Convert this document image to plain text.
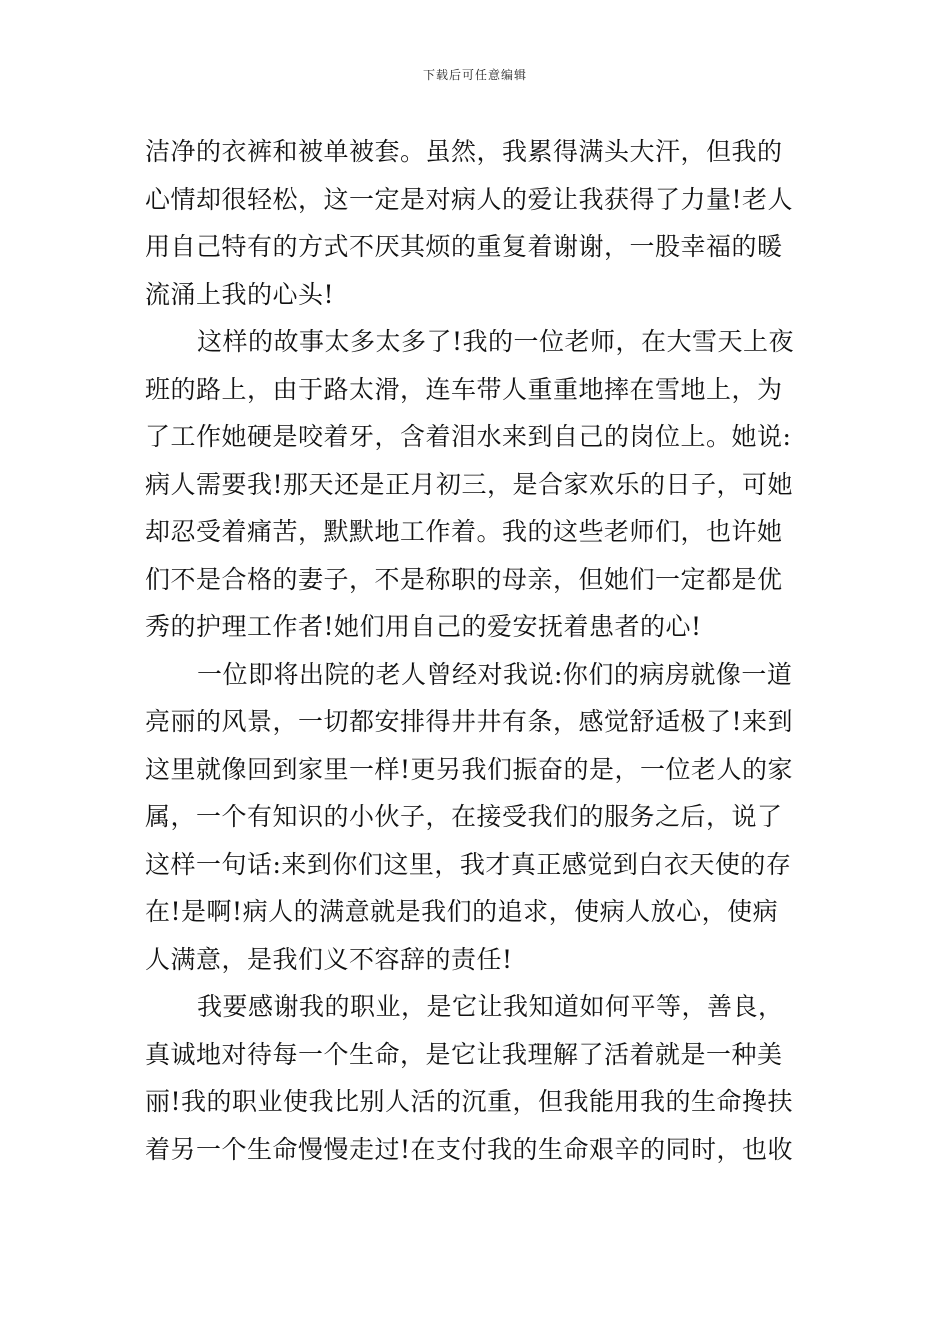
下载后可任意编辑
洁净的衣裤和被单被套。虽然，我累得满头大汗，但我的
心情却很轻松，这一定是对病人的爱让我获得了力量!老人
用自己特有的方式不厌其烦的重复着谢谢，一股幸福的暖
流涌上我的心头!
这样的故事太多太多了!我的一位老师，在大雪天上夜
班的路上，由于路太滑，连车带人重重地摔在雪地上，为
了工作她硬是咬着牙，含着泪水来到自己的岗位上。她说:
病人需要我!那天还是正月初三，是合家欢乐的日子，可她
却忍受着痛苦，默默地工作着。我的这些老师们，也许她
们不是合格的妻子，不是称职的母亲，但她们一定都是优
秀的护理工作者!她们用自己的爱安抚着患者的心!
一位即将出院的老人曾经对我说:你们的病房就像一道
亮丽的风景，一切都安排得井井有条，感觉舒适极了!来到
这里就像回到家里一样!更另我们振奋的是，一位老人的家
属，一个有知识的小伙子，在接受我们的服务之后，说了
这样一句话:来到你们这里，我才真正感觉到白衣天使的存
在!是啊!病人的满意就是我们的追求，使病人放心，使病
人满意，是我们义不容辞的责任!
我要感谢我的职业，是它让我知道如何平等，善良，
真诚地对待每一个生命，是它让我理解了活着就是一种美
丽!我的职业使我比别人活的沉重，但我能用我的生命搀扶
着另一个生命慢慢走过!在支付我的生命艰辛的同时，也收
